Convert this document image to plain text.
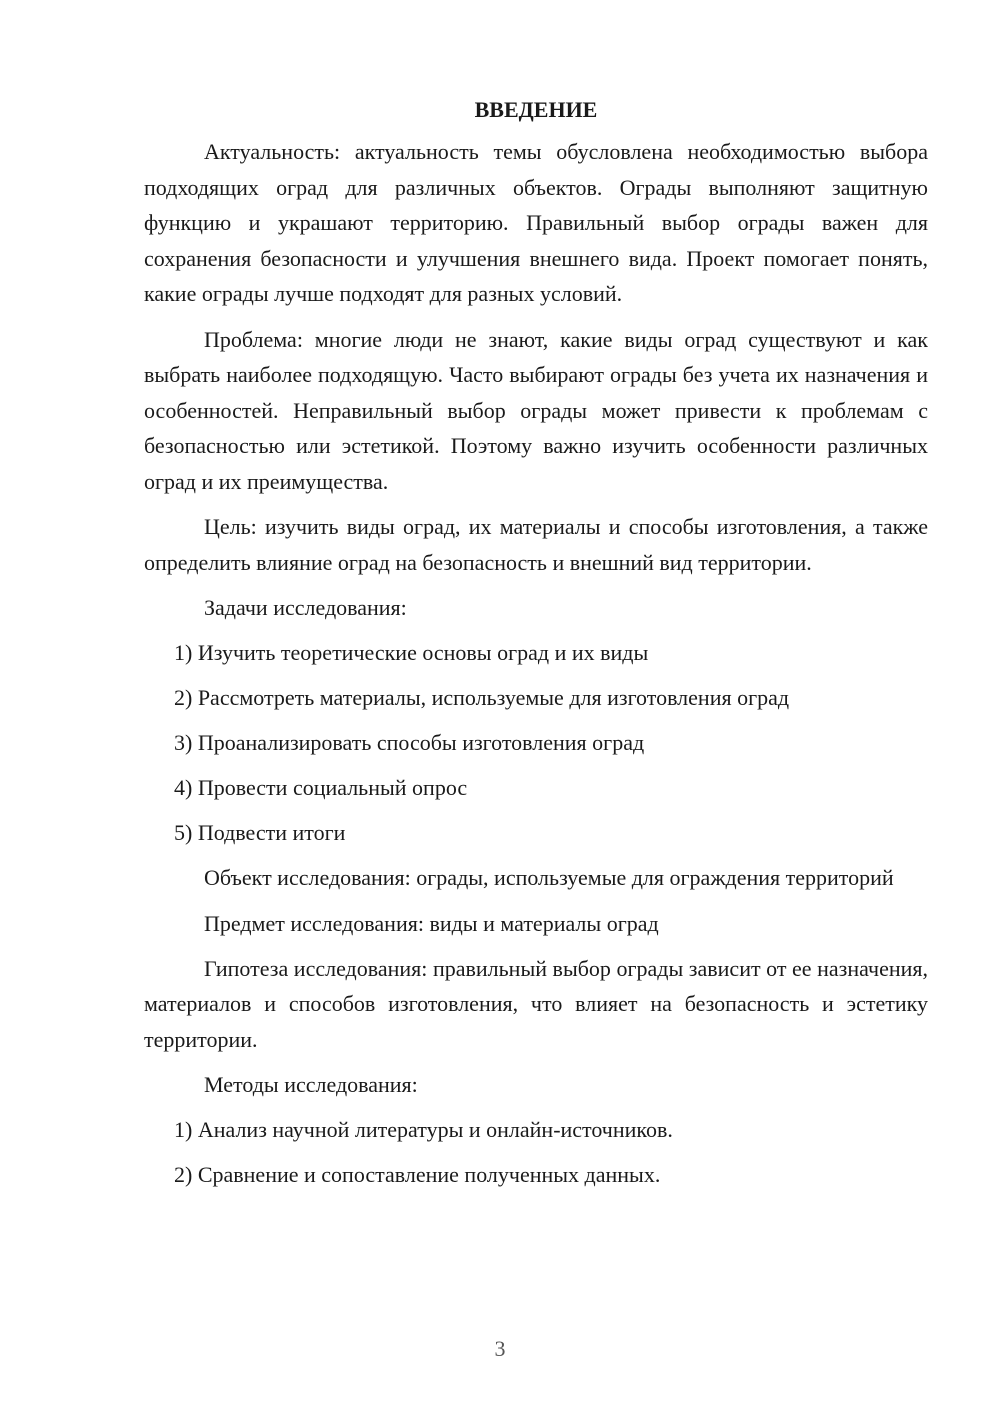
ВВЕДЕНИЕ

Актуальность: актуальность темы обусловлена необходимостью выбора подходящих оград для различных объектов. Ограды выполняют защитную функцию и украшают территорию. Правильный выбор ограды важен для сохранения безопасности и улучшения внешнего вида. Проект помогает понять, какие ограды лучше подходят для разных условий.

Проблема: многие люди не знают, какие виды оград существуют и как выбрать наиболее подходящую. Часто выбирают ограды без учета их назначения и особенностей. Неправильный выбор ограды может привести к проблемам с безопасностью или эстетикой. Поэтому важно изучить особенности различных оград и их преимущества.

Цель: изучить виды оград, их материалы и способы изготовления, а также определить влияние оград на безопасность и внешний вид территории.

Задачи исследования:

1) Изучить теоретические основы оград и их виды
2) Рассмотреть материалы, используемые для изготовления оград
3) Проанализировать способы изготовления оград
4) Провести социальный опрос
5) Подвести итоги

Объект исследования: ограды, используемые для ограждения территорий

Предмет исследования: виды и материалы оград

Гипотеза исследования: правильный выбор ограды зависит от ее назначения, материалов и способов изготовления, что влияет на безопасность и эстетику территории.

Методы исследования:

1) Анализ научной литературы и онлайн-источников.
2) Сравнение и сопоставление полученных данных.
3
